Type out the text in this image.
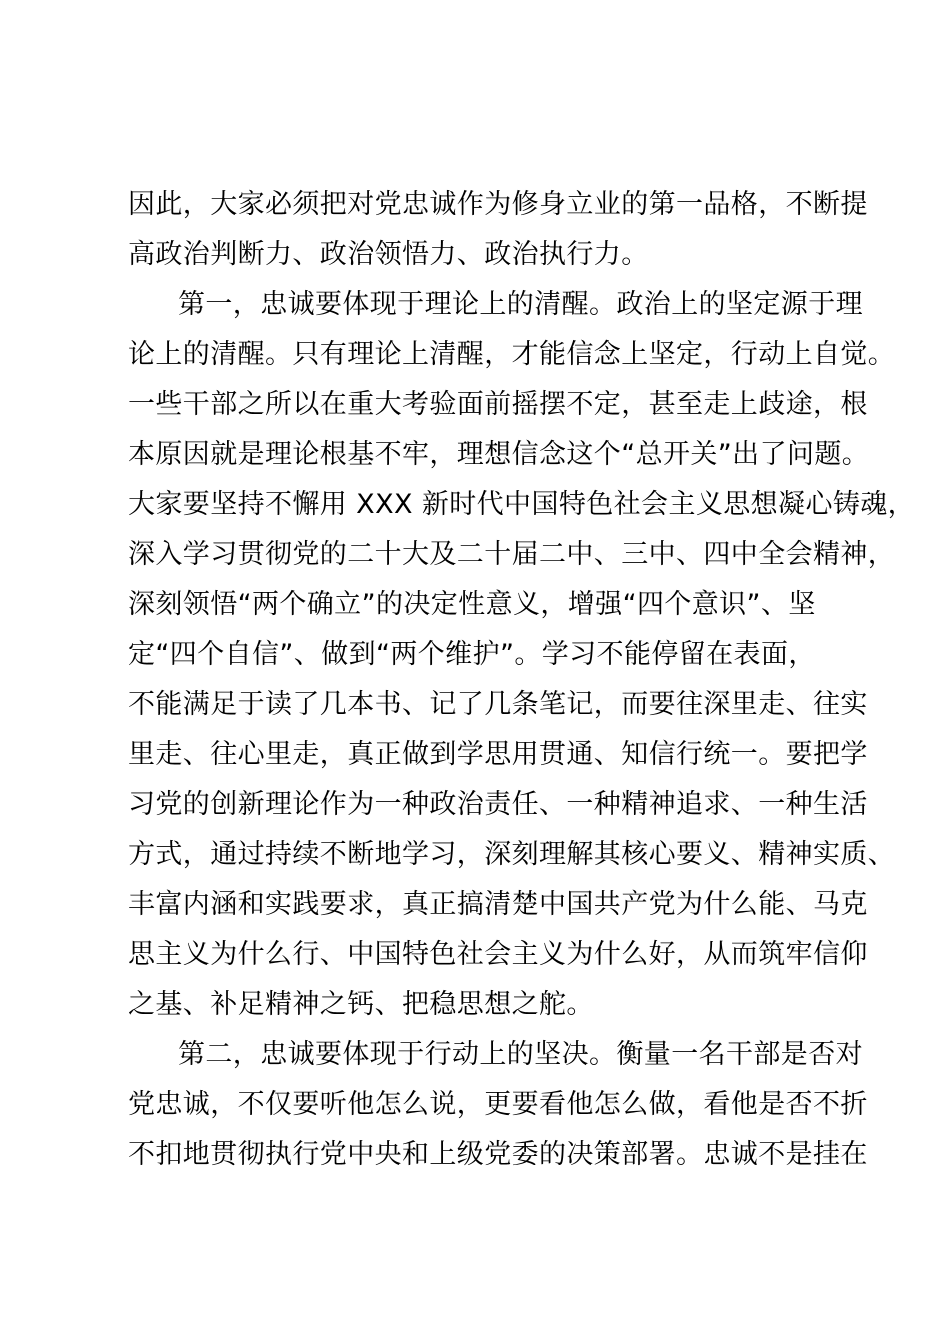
因此，大家必须把对党忠诚作为修身立业的第一品格，不断提
高政治判断力、政治领悟力、政治执行力。
第一，忠诚要体现于理论上的清醒。政治上的坚定源于理
论上的清醒。只有理论上清醒，才能信念上坚定，行动上自觉。
一些干部之所以在重大考验面前摇摆不定，甚至走上歧途，根
本原因就是理论根基不牢，理想信念这个“总开关”出了问题。
大家要坚持不懈用 XXX 新时代中国特色社会主义思想凝心铸魂，
深入学习贯彻党的二十大及二十届二中、三中、四中全会精神，
深刻领悟“两个确立”的决定性意义，增强“四个意识”、坚
定“四个自信”、做到“两个维护”。学习不能停留在表面，
不能满足于读了几本书、记了几条笔记，而要往深里走、往实
里走、往心里走，真正做到学思用贯通、知信行统一。要把学
习党的创新理论作为一种政治责任、一种精神追求、一种生活
方式，通过持续不断地学习，深刻理解其核心要义、精神实质、
丰富内涵和实践要求，真正搞清楚中国共产党为什么能、马克
思主义为什么行、中国特色社会主义为什么好，从而筑牢信仰
之基、补足精神之钙、把稳思想之舵。
第二，忠诚要体现于行动上的坚决。衡量一名干部是否对
党忠诚，不仅要听他怎么说，更要看他怎么做，看他是否不折
不扣地贯彻执行党中央和上级党委的决策部署。忠诚不是挂在
